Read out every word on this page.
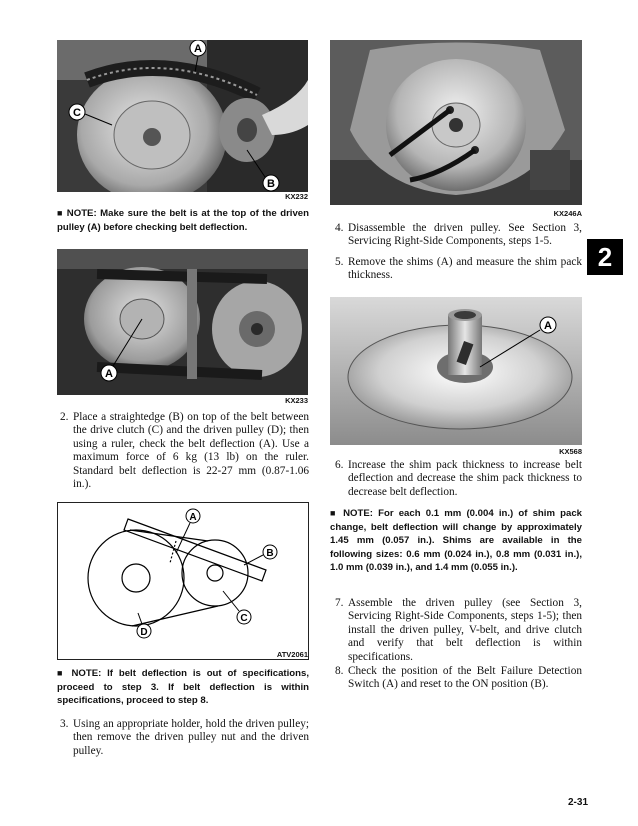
A
B
C
KX232
■ NOTE: Make sure the belt is at the top of the driven pulley (A) before checking belt deflection.
A
KX233
2. Place a straightedge (B) on top of the belt between the drive clutch (C) and the driven pulley (D); then using a ruler, check the belt deflection (A). Use a maximum force of 6 kg (13 lb) on the ruler. Standard belt deflection is 22-27 mm (0.87-1.06 in.).
A
B
C
D
ATV2061
■ NOTE: If belt deflection is out of specifications, proceed to step 3. If belt deflection is within specifications, proceed to step 8.
3. Using an appropriate holder, hold the driven pulley; then remove the driven pulley nut and the driven pulley.
KX246A
4. Disassemble the driven pulley. See Section 3, Servicing Right-Side Components, steps 1-5.
2
5. Remove the shims (A) and measure the shim pack thickness.
A
KX568
6. Increase the shim pack thickness to increase belt deflection and decrease the shim pack thickness to decrease belt deflection.
■ NOTE: For each 0.1 mm (0.004 in.) of shim pack change, belt deflection will change by approximately 1.45 mm (0.057 in.). Shims are available in the following sizes: 0.6 mm (0.024 in.), 0.8 mm (0.031 in.), 1.0 mm (0.039 in.), and 1.4 mm (0.055 in.).
7. Assemble the driven pulley (see Section 3, Servicing Right-Side Components, steps 1-5); then install the driven pulley, V-belt, and drive clutch and verify that belt deflection is within specifications.
8. Check the position of the Belt Failure Detection Switch (A) and reset to the ON position (B).
2-31
